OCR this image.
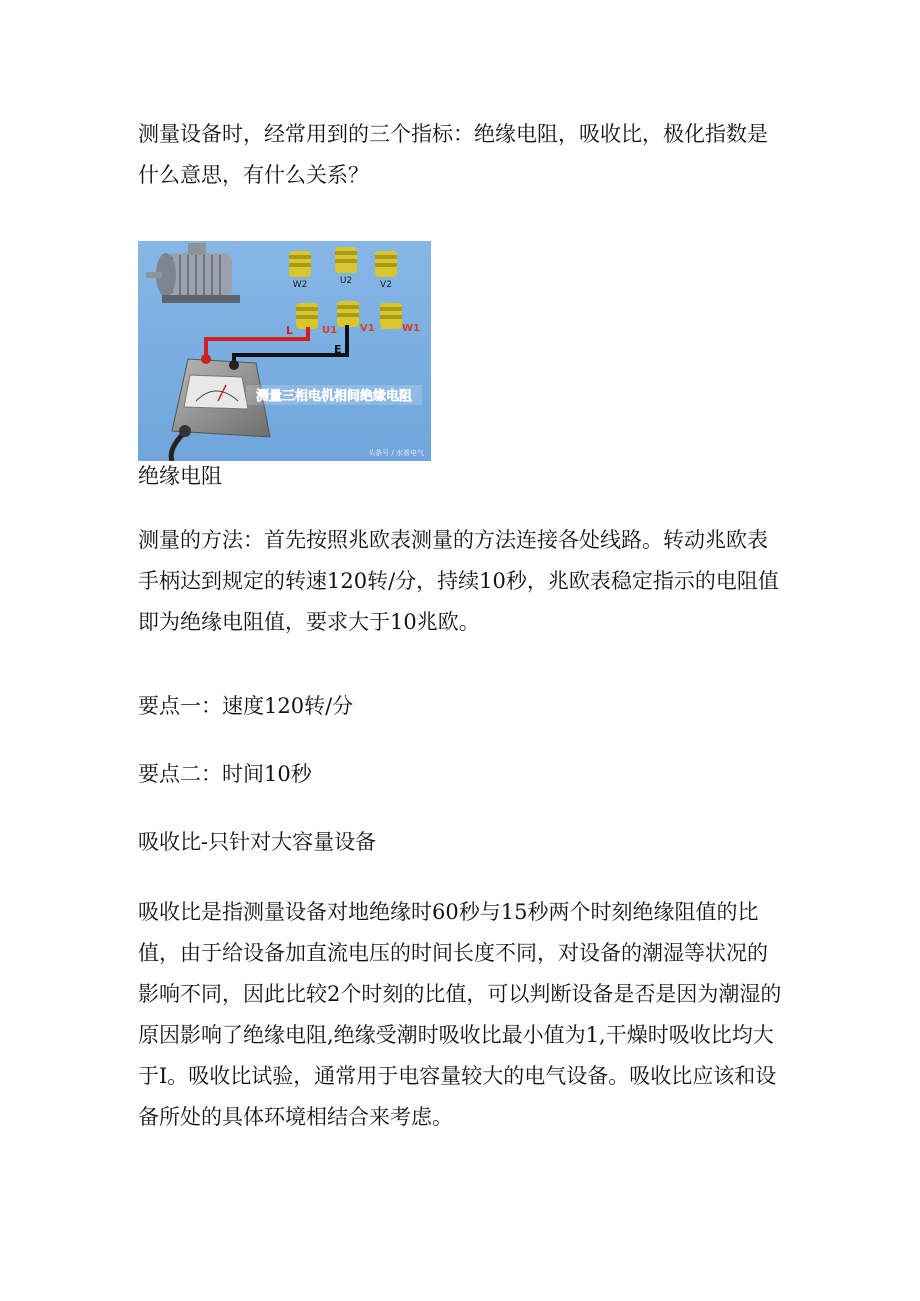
测量设备时，经常用到的三个指标：绝缘电阻，吸收比，极化指数是什么意思，有什么关系？

W2	U2	V2
U1 V1	W1
L
E
测量三相电机相间绝缘电阻
头条号 / 水善电气

绝缘电阻

测量的方法：首先按照兆欧表测量的方法连接各处线路。转动兆欧表手柄达到规定的转速120转/分，持续10秒，兆欧表稳定指示的电阻值即为绝缘电阻值，要求大于10兆欧。

要点一：速度120转/分

要点二：时间10秒

吸收比-只针对大容量设备

吸收比是指测量设备对地绝缘时60秒与15秒两个时刻绝缘阻值的比值，由于给设备加直流电压的时间长度不同，对设备的潮湿等状况的影响不同，因此比较2个时刻的比值，可以判断设备是否是因为潮湿的原因影响了绝缘电阻,绝缘受潮时吸收比最小值为1,干燥时吸收比均大于I。吸收比试验，通常用于电容量较大的电气设备。吸收比应该和设备所处的具体环境相结合来考虑。
